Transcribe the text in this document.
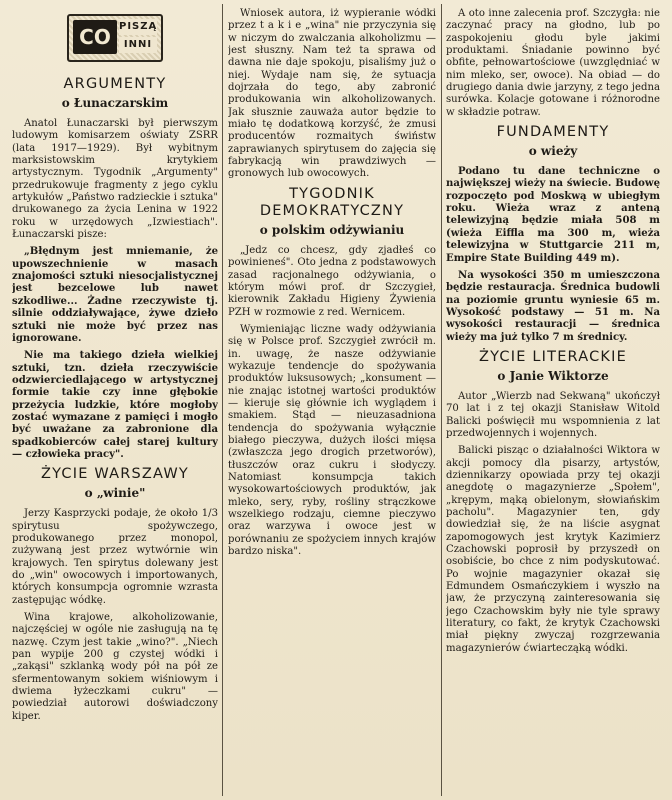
CO PISZĄ
INNI
ARGUMENTY
o Łunaczarskim

Anatol Łunaczarski był pierwszym ludowym komisarzem oświaty ZSRR (lata 1917—1929). Był wybitnym marksistowskim krytykiem artystycznym. Tygodnik „Argumenty" przedrukowuje fragmenty z jego cyklu artykułów „Państwo radzieckie i sztuka" drukowanego za życia Lenina w 1922 roku w urzędowych „Izwiestiach". Łunaczarski pisze:

„Błędnym jest mniemanie, że upowszechnienie w masach znajomości sztuki niesocjalistycznej jest bezcelowe lub nawet szkodliwe... Żadne rzeczywiste tj. silnie oddziaływające, żywe dzieło sztuki nie może być przez nas ignorowane.

Nie ma takiego dzieła wielkiej sztuki, tzn. dzieła rzeczywiście odzwierciedlającego w artystycznej formie takie czy inne głębokie przeżycia ludzkie, które mogłoby zostać wymazane z pamięci i mogło być uważane za zabronione dla spadkobierców całej starej kultury — człowieka pracy".

ŻYCIE WARSZAWY
o „winie"

Jerzy Kasprzycki podaje, że około 1/3 spirytusu spożywczego, produkowanego przez monopol, zużywaną jest przez wytwórnie win krajowych. Ten spirytus dolewany jest do „win" owocowych i importowanych, których konsumpcja ogromnie wzrasta zastępując wódkę.

Wina krajowe, alkoholizowanie, najczęściej w ogóle nie zasługują na tę nazwę. Czym jest takie „wino?". „Niech pan wypije 200 g czystej wódki i „zakąsi" szklanką wody pół na pół ze sfermentowanym sokiem wiśniowym i dwiema łyżeczkami cukru" — powiedział autorowi doświadczony kiper.

Wniosek autora, iż wypieranie wódki przez t a k i e „wina" nie przyczynia się w niczym do zwalczania alkoholizmu — jest słuszny. Nam też ta sprawa od dawna nie daje spokoju, pisaliśmy już o niej. Wydaje nam się, że sytuacja dojrzała do tego, aby zabronić produkowania win alkoholizowanych. Jak słusznie zauważa autor będzie to miało tę dodatkową korzyść, że zmusi producentów rozmaitych świństw zaprawianych spirytusem do zajęcia się fabrykacją win prawdziwych — gronowych lub owocowych.

TYGODNIK DEMOKRATYCZNY
o polskim odżywianiu

„Jedz co chcesz, gdy zjadłeś co powinieneś". Oto jedna z podstawowych zasad racjonalnego odżywiania, o którym mówi prof. dr Szczygieł, kierownik Zakładu Higieny Żywienia PZH w rozmowie z red. Wernicem.

Wymieniając liczne wady odżywiania się w Polsce prof. Szczygieł zwrócił m. in. uwagę, że nasze odżywianie wykazuje tendencje do spożywania produktów luksusowych; „konsument — nie znając istotnej wartości produktów — kieruje się głównie ich wyglądem i smakiem. Stąd — nieuzasadniona tendencja do spożywania wyłącznie białego pieczywa, dużych ilości mięsa (zwłaszcza jego drogich przetworów), tłuszczów oraz cukru i słodyczy. Natomiast konsumpcja takich wysokowartościowych produktów, jak mleko, sery, ryby, rośliny strączkowe wszelkiego rodzaju, ciemne pieczywo oraz warzywa i owoce jest w porównaniu ze spożyciem innych krajów bardzo niska".

A oto inne zalecenia prof. Szczygła: nie zaczynać pracy na głodno, lub po zaspokojeniu głodu byle jakimi produktami. Śniadanie powinno być obfite, pełnowartościowe (uwzględniać w nim mleko, ser, owoce). Na obiad — do drugiego dania dwie jarzyny, z tego jedna surówka. Kolacje gotowane i różnorodne w składzie potraw.

FUNDAMENTY
o wieży

Podano tu dane techniczne o największej wieży na świecie. Budowę rozpoczęto pod Moskwą w ubiegłym roku. Wieża wraz z anteną telewizyjną będzie miała 508 m (wieża Eiffla ma 300 m, wieża telewizyjna w Stuttgarcie 211 m, Empire State Building 449 m).

Na wysokości 350 m umieszczona będzie restauracja. Średnica budowli na poziomie gruntu wyniesie 65 m. Wysokość podstawy — 51 m. Na wysokości restauracji — średnica wieży ma już tylko 7 m średnicy.

ŻYCIE LITERACKIE
o Janie Wiktorze

Autor „Wierzb nad Sekwaną" ukończył 70 lat i z tej okazji Stanisław Witold Balicki poświęcił mu wspomnienia z lat przedwojennych i wojennych.

Balicki pisząc o działalności Wiktora w akcji pomocy dla pisarzy, artystów, dziennikarzy opowiada przy tej okazji anegdotę o magazynierze „Społem", „krępym, mąką obielonym, słowiańskim pacholu". Magazynier ten, gdy dowiedział się, że na liście asygnat zapomogowych jest krytyk Kazimierz Czachowski poprosił by przyszedł on osobiście, bo chce z nim podyskutować. Po wojnie magazynier okazał się Edmundem Osmańczykiem i wyszło na jaw, że przyczyną zainteresowania się jego Czachowskim były nie tyle sprawy literatury, co fakt, że krytyk Czachowski miał piękny zwyczaj rozgrzewania magazynierów ćwiartecząką wódki.
